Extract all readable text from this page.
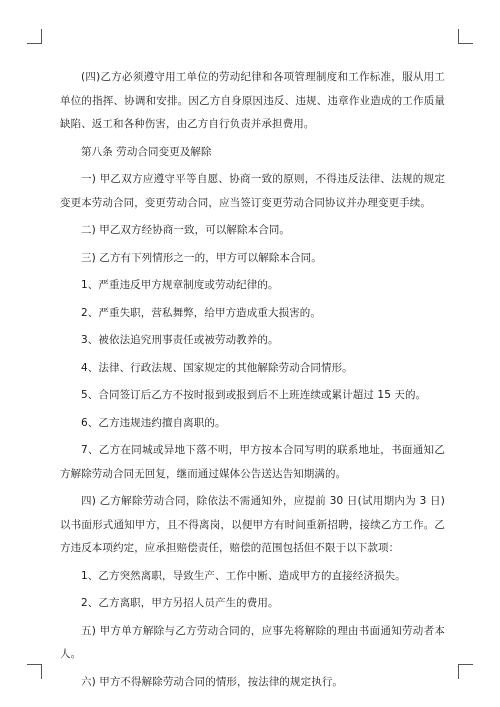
(四)乙方必须遵守用工单位的劳动纪律和各项管理制度和工作标准，服从用工单位的指挥、协调和安排。因乙方自身原因违反、违规、违章作业造成的工作质量缺陷、返工和各种伤害，由乙方自行负责并承担费用。

第八条 劳动合同变更及解除

一) 甲乙双方应遵守平等自愿、协商一致的原则，不得违反法律、法规的规定变更本劳动合同，变更劳动合同，应当签订变更劳动合同协议并办理变更手续。

二) 甲乙双方经协商一致，可以解除本合同。

三) 乙方有下列情形之一的，甲方可以解除本合同。

1、严重违反甲方规章制度或劳动纪律的。

2、严重失职，营私舞弊，给甲方造成重大损害的。

3、被依法追究刑事责任或被劳动教养的。

4、法律、行政法规、国家规定的其他解除劳动合同情形。

5、合同签订后乙方不按时报到或报到后不上班连续或累计超过 15 天的。

6、乙方违规违约擅自离职的。

7、乙方在同城或异地下落不明，甲方按本合同写明的联系地址，书面通知乙方解除劳动合同无回复，继而通过媒体公告送达告知期满的。

四) 乙方解除劳动合同，除依法不需通知外，应提前 30 日(试用期内为 3 日)以书面形式通知甲方，且不得离岗，以便甲方有时间重新招聘，接续乙方工作。乙方违反本项约定，应承担赔偿责任，赔偿的范围包括但不限于以下款项：

1、乙方突然离职，导致生产、工作中断、造成甲方的直接经济损失。

2、乙方离职，甲方另招人员产生的费用。

五) 甲方单方解除与乙方劳动合同的，应事先将解除的理由书面通知劳动者本人。

六) 甲方不得解除劳动合同的情形，按法律的规定执行。
